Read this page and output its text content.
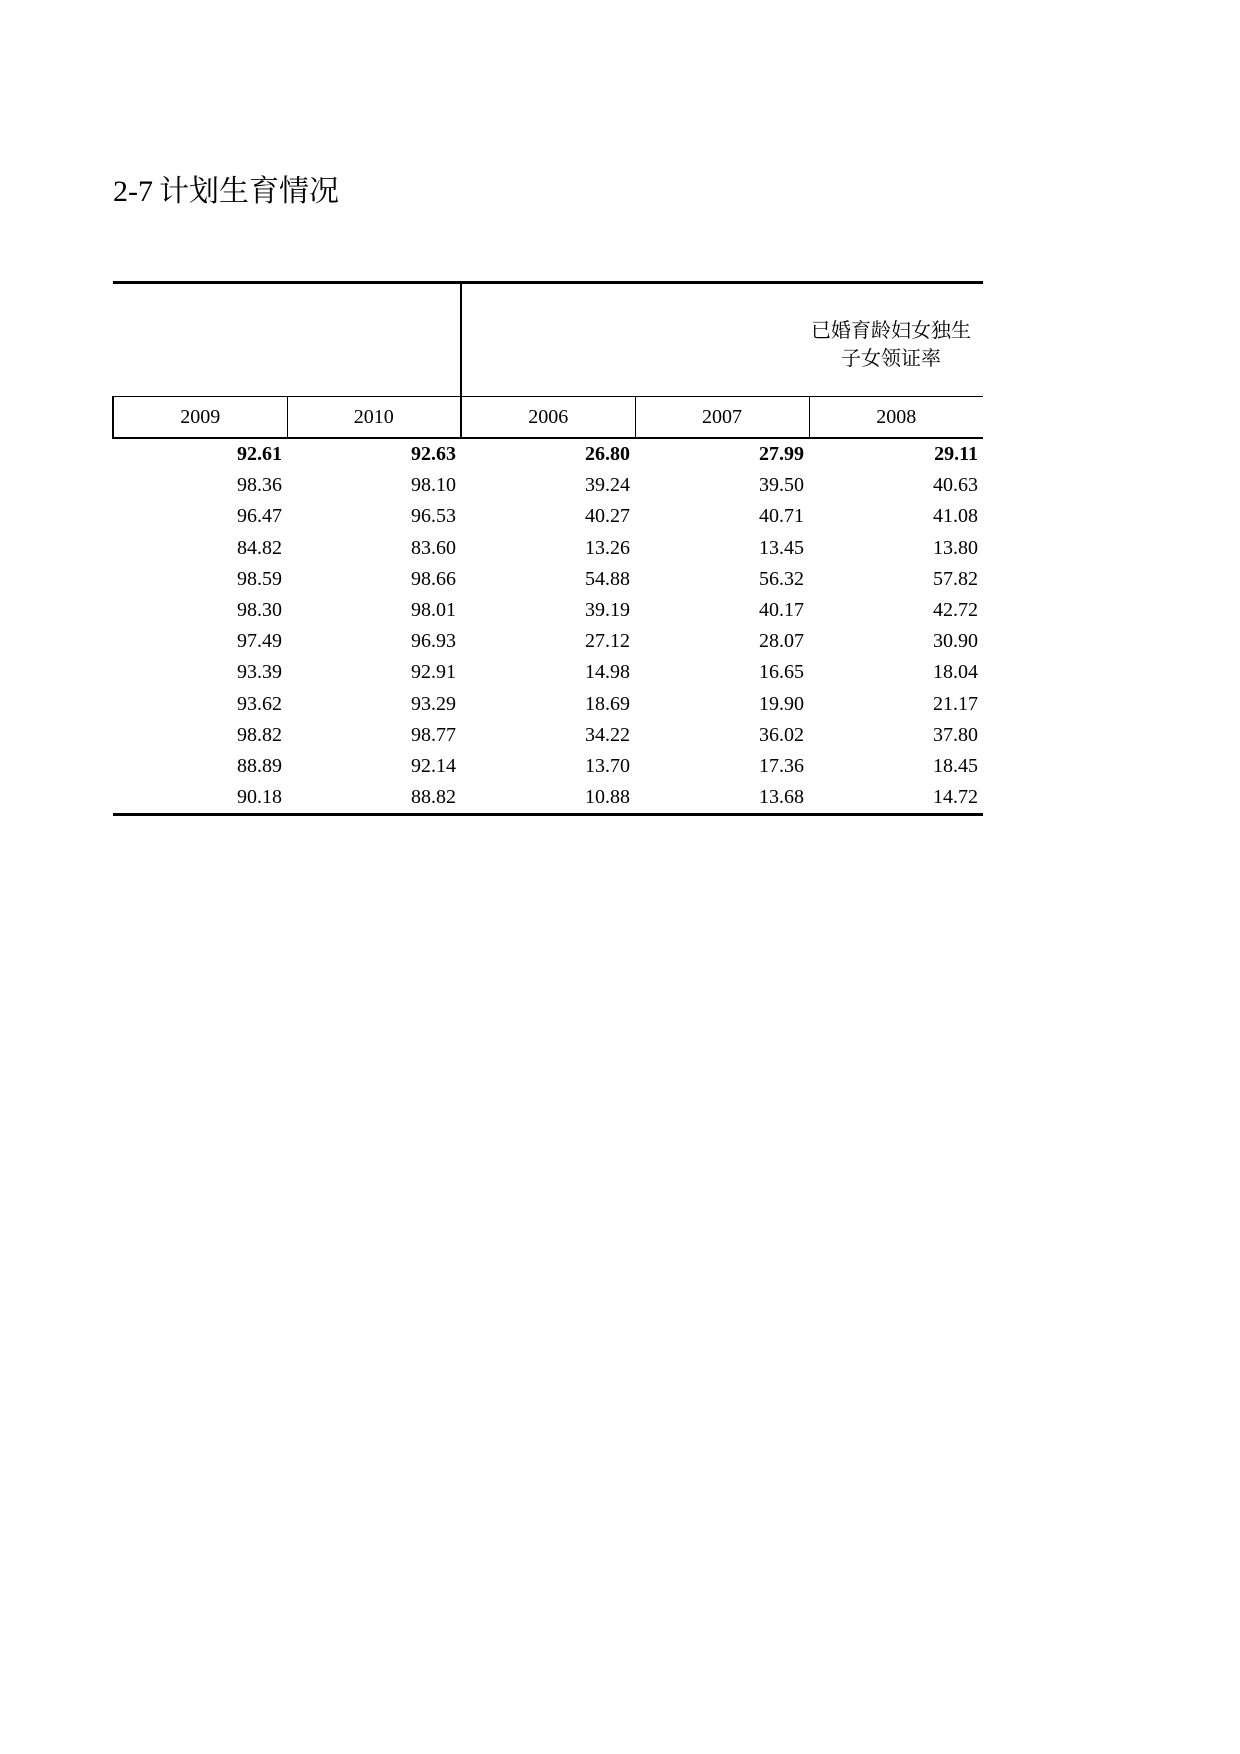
2-7 计划生育情况

		已婚育龄妇女独生
子女领证率		

2009	2010	2006	2007	2008
92.61	92.63	26.80	27.99	29.11
98.36	98.10	39.24	39.50	40.63
96.47	96.53	40.27	40.71	41.08
84.82	83.60	13.26	13.45	13.80
98.59	98.66	54.88	56.32	57.82
98.30	98.01	39.19	40.17	42.72
97.49	96.93	27.12	28.07	30.90
93.39	92.91	14.98	16.65	18.04
93.62	93.29	18.69	19.90	21.17
98.82	98.77	34.22	36.02	37.80
88.89	92.14	13.70	17.36	18.45
90.18	88.82	10.88	13.68	14.72
